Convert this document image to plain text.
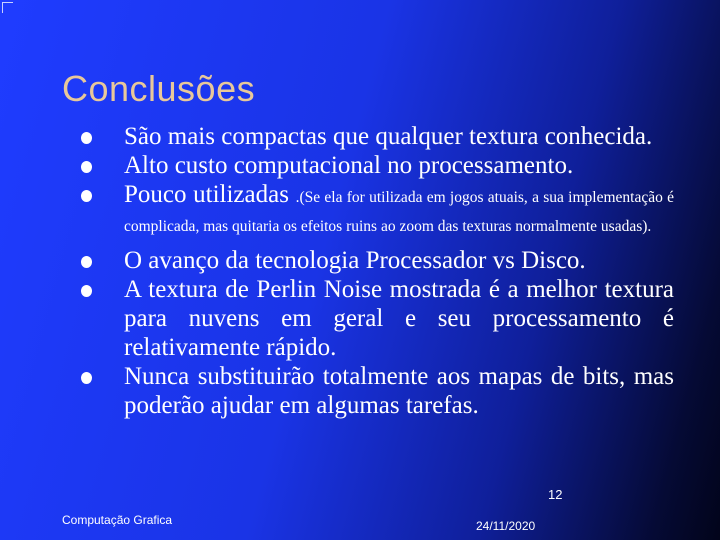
Conclusões
São mais compactas que qualquer textura conhecida.
Alto custo computacional no processamento.
Pouco utilizadas .(Se ela for utilizada em jogos atuais, a sua implementação é complicada, mas quitaria os efeitos ruins ao zoom das texturas normalmente usadas).
O avanço da tecnologia Processador vs Disco.
A textura de Perlin Noise mostrada é a melhor textura para nuvens em geral e seu processamento é relativamente rápido.
Nunca substituirão totalmente aos mapas de bits, mas poderão ajudar em algumas tarefas.
12
Computação Grafica	24/11/2020
